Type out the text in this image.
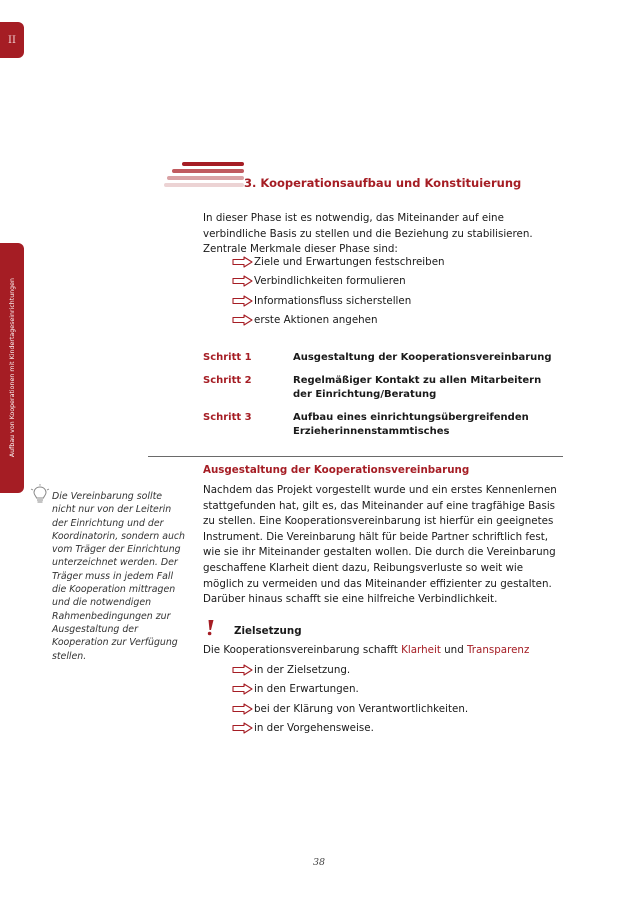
II
Aufbau von Kooperationen mit Kindertageseinrichtungen
3. Kooperationsaufbau und Konstituierung

In dieser Phase ist es notwendig, das Miteinander auf eine verbindliche Basis zu stellen und die Beziehung zu stabilisieren. Zentrale Merkmale dieser Phase sind:

Ziele und Erwartungen festschreiben
Verbindlichkeiten formulieren
Informationsfluss sicherstellen
erste Aktionen angehen
Schritt 1	Ausgestaltung der Kooperationsvereinbarung
Schritt 2	Regelmäßiger Kontakt zu allen Mitarbeitern der Einrichtung/Beratung
Schritt 3	Aufbau eines einrichtungsübergreifenden Erzieherinnenstammtisches
Ausgestaltung der Kooperationsvereinbarung

Nachdem das Projekt vorgestellt wurde und ein erstes Kennenlernen stattgefunden hat, gilt es, das Miteinander auf eine tragfähige Basis zu stellen. Eine Kooperationsvereinbarung ist hierfür ein geeignetes Instrument. Die Vereinbarung hält für beide Partner schriftlich fest, wie sie ihr Miteinander gestalten wollen. Die durch die Vereinbarung geschaffene Klarheit dient dazu, Reibungsverluste so weit wie möglich zu vermeiden und das Miteinander effizienter zu gestalten. Darüber hinaus schafft sie eine hilfreiche Verbindlichkeit.

Die Vereinbarung sollte nicht nur von der Leiterin der Einrichtung und der Koordinatorin, sondern auch vom Träger der Einrichtung unterzeichnet werden. Der Träger muss in jedem Fall die Kooperation mittragen und die notwendigen Rahmenbedingungen zur Ausgestaltung der Kooperation zur Verfügung stellen.

Zielsetzung
Die Kooperationsvereinbarung schafft Klarheit und Transparenz
in der Zielsetzung.
in den Erwartungen.
bei der Klärung von Verantwortlichkeiten.
in der Vorgehensweise.
38
